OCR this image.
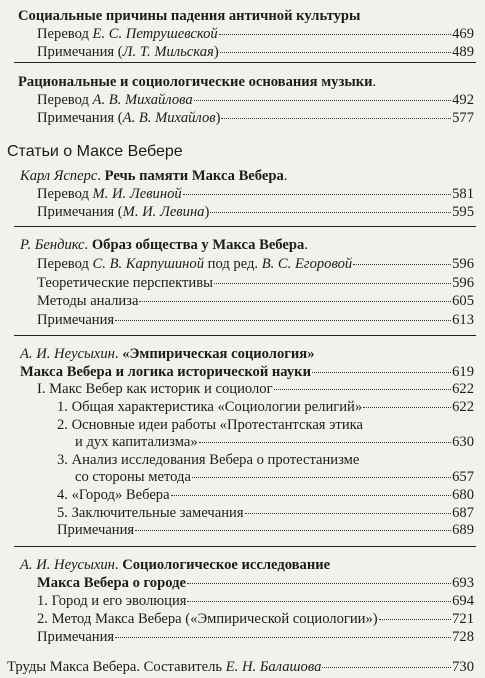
Статьи о Максе Вебере
Социальные причины падения античной культуры
Перевод Е. С. Петрушевской	469
Примечания (Л. Т. Мильская)	489
Рациональные и социологические основания музыки.
Перевод А. В. Михайлова	492
Примечания (А. В. Михайлов)	577
Карл Ясперс. Речь памяти Макса Вебера.
Перевод М. И. Левиной	581
Примечания (М. И. Левина)	595
Р. Бендикс. Образ общества у Макса Вебера.
Перевод С. В. Карпушиной под ред. В. С. Егоровой	596
Теоретические перспективы	596
Методы анализа	605
Примечания	613
А. И. Неусыхин. «Эмпирическая социология»
Макса Вебера и логика исторической науки	619
I. Макс Вебер как историк и социолог	622
1. Общая характеристика «Социологии религий»	622
2. Основные идеи работы «Протестантская этика
и дух капитализма»	630
3. Анализ исследования Вебера о протестанизме
со стороны метода	657
4. «Город» Вебера	680
5. Заключительные замечания	687
Примечания	689
А. И. Неусыхин. Социологическое исследование
Макса Вебера о городе	693
1. Город и его эволюция	694
2. Метод Макса Вебера («Эмпирической социологии»)	721
Примечания	728
Труды Макса Вебера. Составитель Е. Н. Балашова	730
